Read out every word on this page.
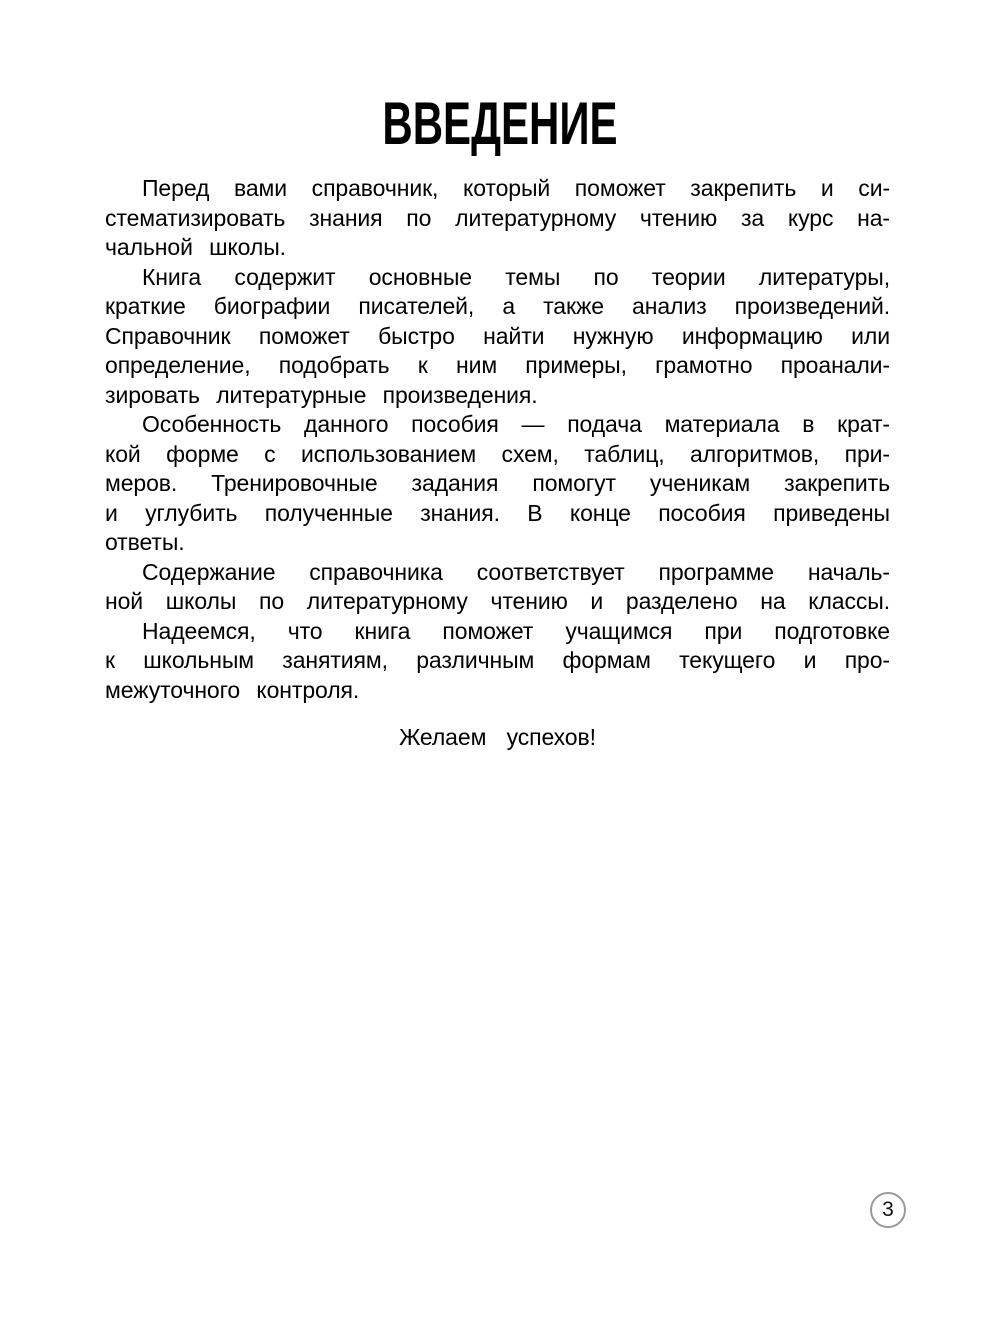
ВВЕДЕНИЕ

Перед вами справочник, который поможет закрепить и си-
стематизировать знания по литературному чтению за курс на-
чальной школы.

Книга содержит основные темы по теории литературы,
краткие биографии писателей, а также анализ произведений.
Справочник поможет быстро найти нужную информацию или
определение, подобрать к ним примеры, грамотно проанали-
зировать литературные произведения.

Особенность данного пособия — подача материала в крат-
кой форме с использованием схем, таблиц, алгоритмов, при-
меров. Тренировочные задания помогут ученикам закрепить
и углубить полученные знания. В конце пособия приведены
ответы.

Содержание справочника соответствует программе началь-
ной школы по литературному чтению и разделено на классы.

Надеемся, что книга поможет учащимся при подготовке
к школьным занятиям, различным формам текущего и про-
межуточного контроля.

Желаем успехов!
3
